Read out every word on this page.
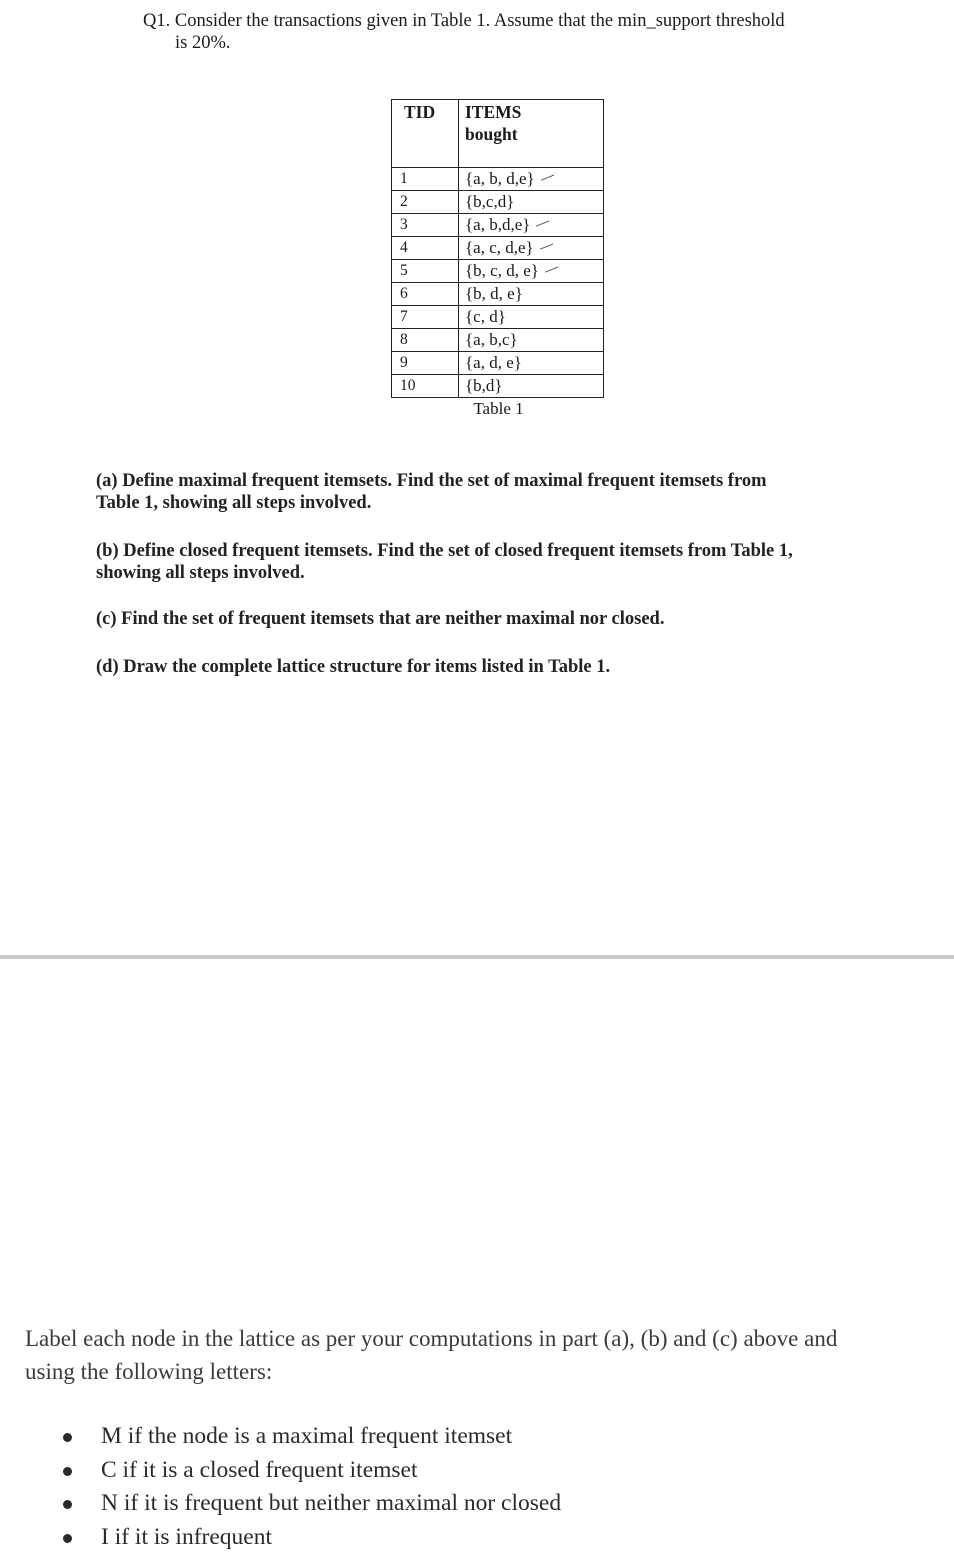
Q1. Consider the transactions given in Table 1. Assume that the min_support threshold
is 20%.
TID	ITEMS
bought
1	{a, b, d,e}
2	{b,c,d}
3	{a, b,d,e}
4	{a, c, d,e}
5	{b, c, d, e}
6	{b, d, e}
7	{c, d}
8	{a, b,c}
9	{a, d, e}
10	{b,d}
Table 1
(a) Define maximal frequent itemsets. Find the set of maximal frequent itemsets from
Table 1, showing all steps involved.
(b) Define closed frequent itemsets. Find the set of closed frequent itemsets from Table 1,
showing all steps involved.
(c) Find the set of frequent itemsets that are neither maximal nor closed.
(d) Draw the complete lattice structure for items listed in Table 1.
Label each node in the lattice as per your computations in part (a), (b) and (c) above and
using the following letters:
M if the node is a maximal frequent itemset
C if it is a closed frequent itemset
N if it is frequent but neither maximal nor closed
I if it is infrequent
